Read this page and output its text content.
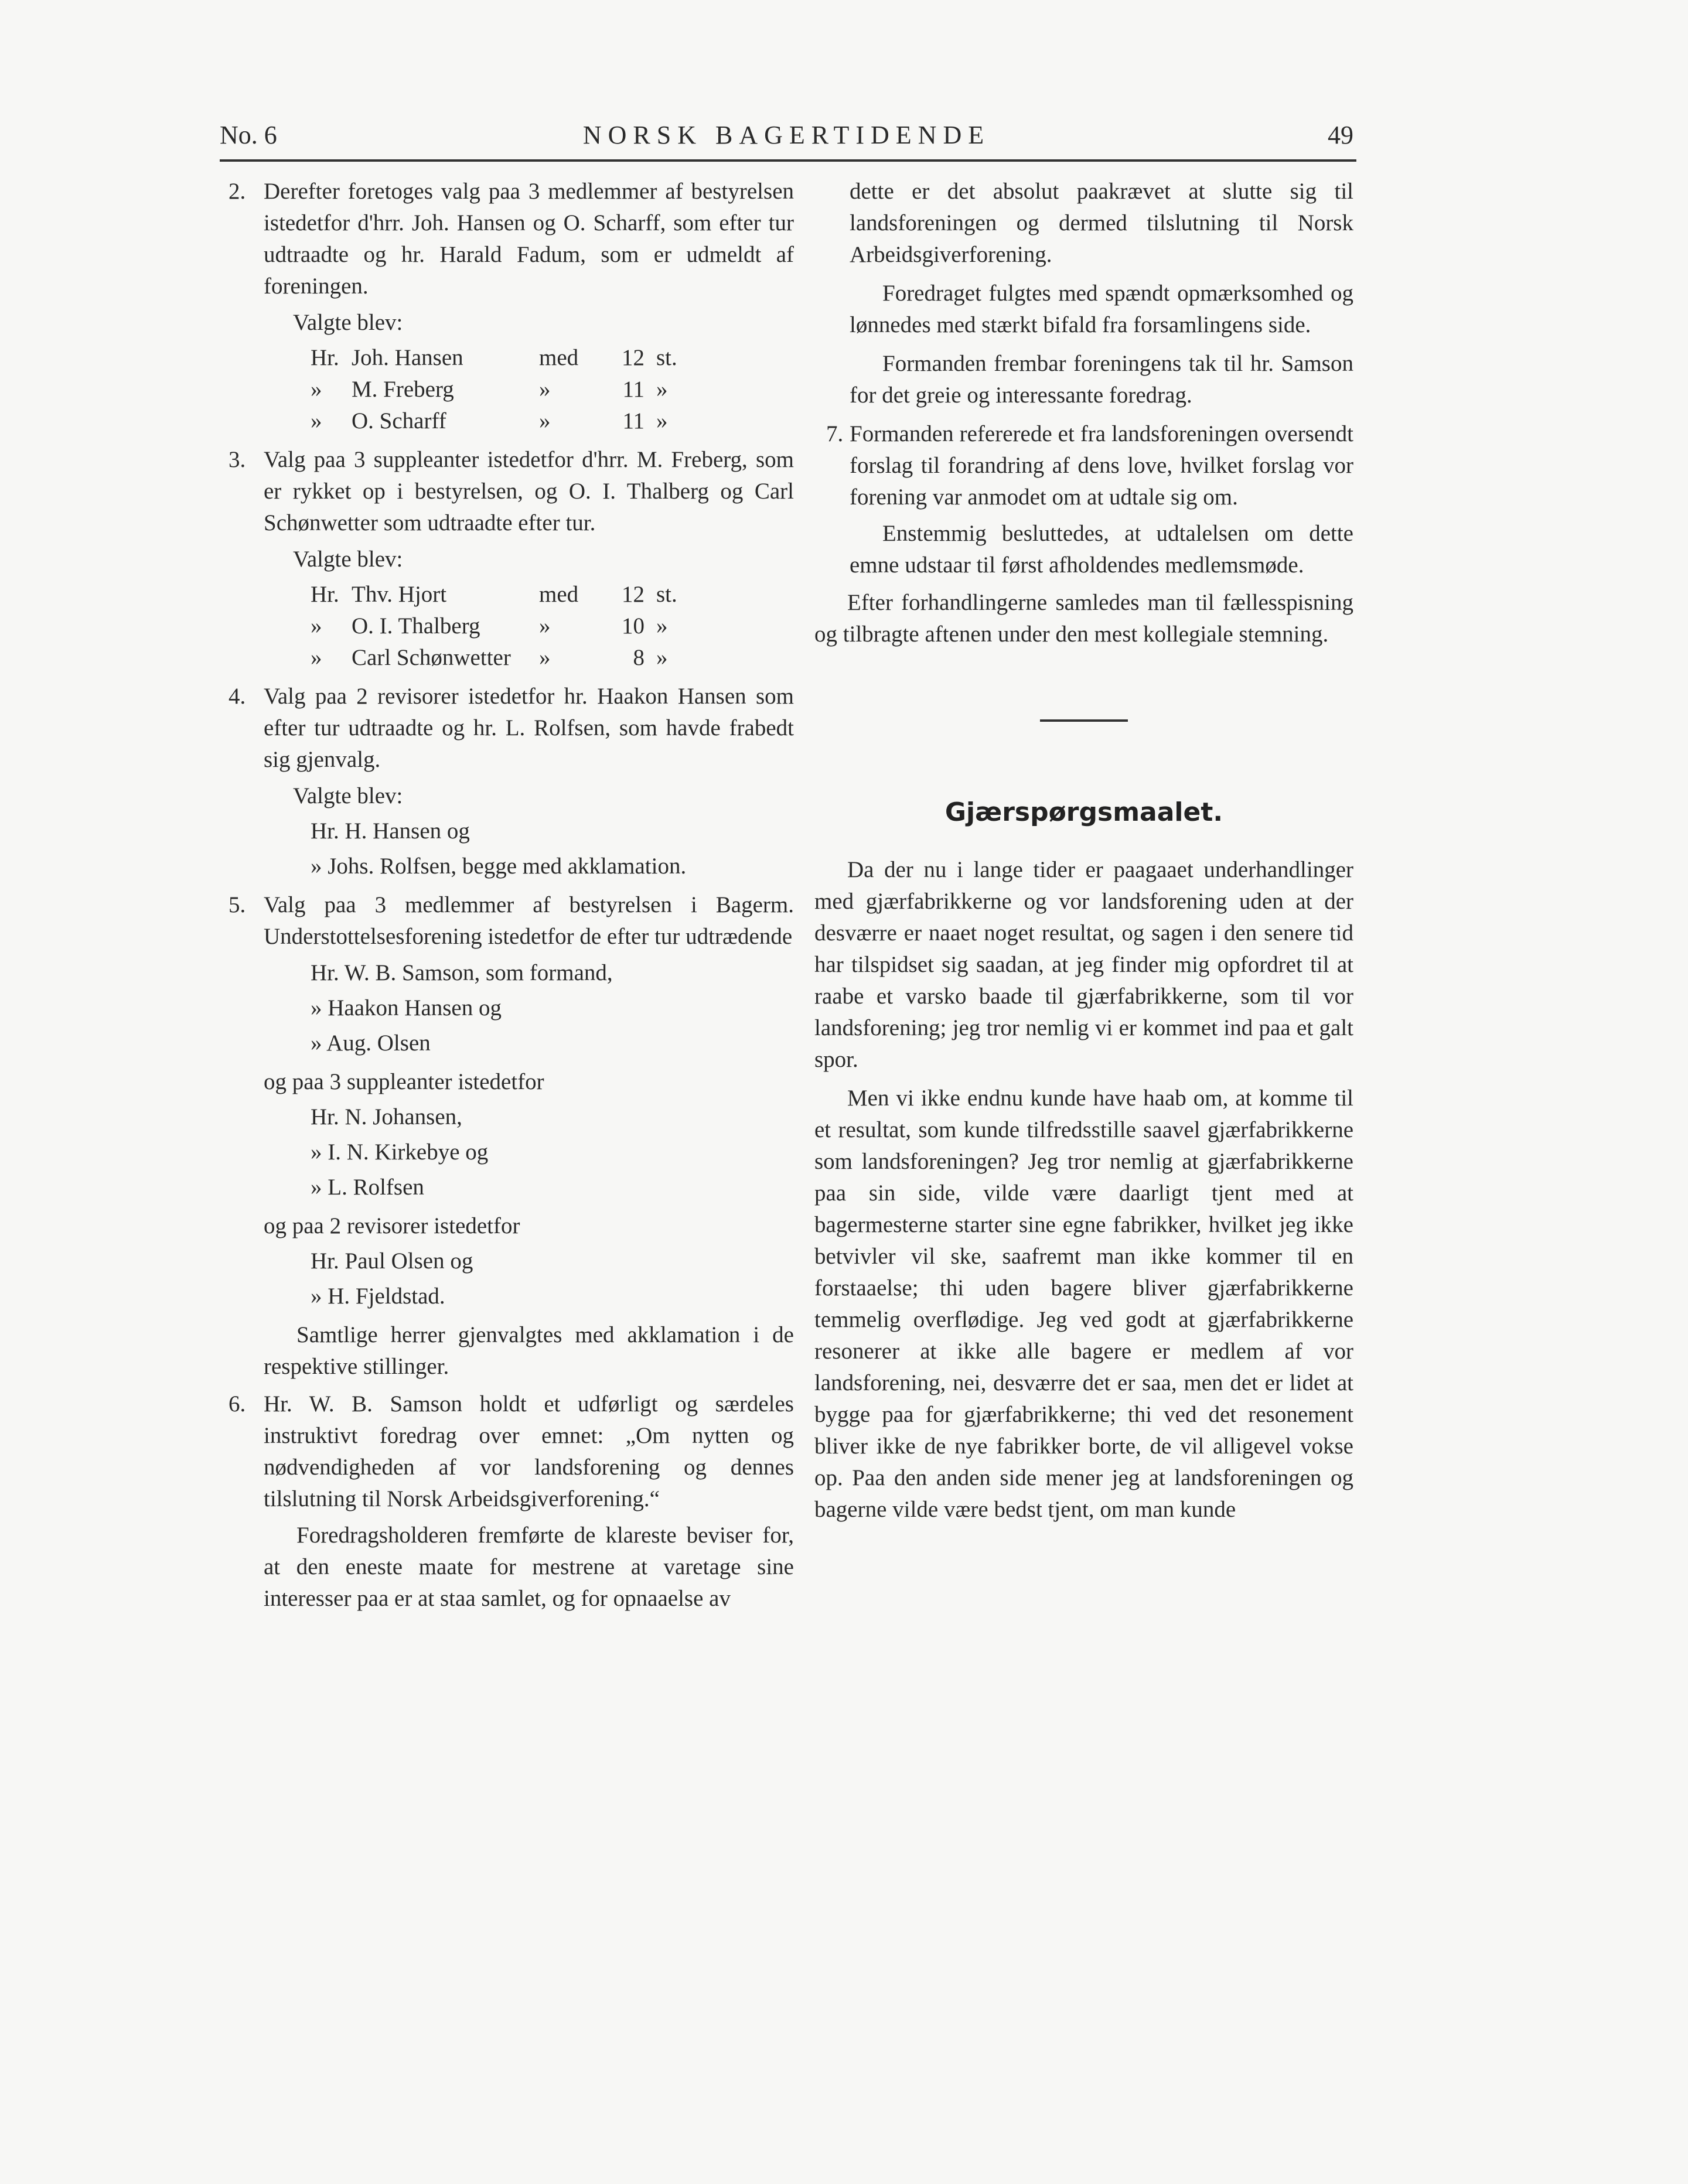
No. 6	NORSK BAGERTIDENDE	49
2. Derefter foretoges valg paa 3 medlemmer af bestyrelsen istedetfor d'hrr. Joh. Hansen og O. Scharff, som efter tur udtraadte og hr. Harald Fadum, som er udmeldt af foreningen.

Valgte blev:
Hr. Joh. Hansen	med	12 st.
»	M. Freberg	»	11 »
»	O. Scharff	»	11 »
3. Valg paa 3 suppleanter istedetfor d'hrr. M. Freberg, som er rykket op i bestyrelsen, og O. I. Thalberg og Carl Schønwetter som udtraadte efter tur.

Valgte blev:
Hr. Thv. Hjort	med	12 st.
»	O. I. Thalberg	»	10 »
»	Carl Schønwetter	»	8 »
4. Valg paa 2 revisorer istedetfor hr. Haakon Hansen som efter tur udtraadte og hr. L. Rolfsen, som havde frabedt sig gjenvalg.

Valgte blev:
Hr. H. Hansen og
» Johs. Rolfsen, begge med akklamation.
5. Valg paa 3 medlemmer af bestyrelsen i Bagerm. Understottelsesforening istedetfor de efter tur udtrædende

Hr. W. B. Samson, som formand,
» Haakon Hansen og
» Aug. Olsen
og paa 3 suppleanter istedetfor
Hr. N. Johansen,
» I. N. Kirkebye og
» L. Rolfsen
og paa 2 revisorer istedetfor
Hr. Paul Olsen og
» H. Fjeldstad.

Samtlige herrer gjenvalgtes med akklamation i de respektive stillinger.

6. Hr. W. B. Samson holdt et udførligt og særdeles instruktivt foredrag over emnet: „Om nytten og nødvendigheden af vor landsforening og dennes tilslutning til Norsk Arbeidsgiverforening.“

Foredragsholderen fremførte de klareste beviser for, at den eneste maate for mestrene at varetage sine interesser paa er at staa samlet, og for opnaaelse av

dette er det absolut paakrævet at slutte sig til landsforeningen og dermed tilslutning til Norsk Arbeidsgiverforening.

Foredraget fulgtes med spændt opmærksomhed og lønnedes med stærkt bifald fra forsamlingens side.

Formanden frembar foreningens tak til hr. Samson for det greie og interessante foredrag.

7. Formanden refererede et fra landsforeningen oversendt forslag til forandring af dens love, hvilket forslag vor forening var anmodet om at udtale sig om.

Enstemmig besluttedes, at udtalelsen om dette emne udstaar til først afholdendes medlemsmøde.

Efter forhandlingerne samledes man til fællesspisning og tilbragte aftenen under den mest kollegiale stemning.

Gjærspørgsmaalet.

Da der nu i lange tider er paagaaet underhandlinger med gjærfabrikkerne og vor landsforening uden at der desværre er naaet noget resultat, og sagen i den senere tid har tilspidset sig saadan, at jeg finder mig opfordret til at raabe et varsko baade til gjærfabrikkerne, som til vor landsforening; jeg tror nemlig vi er kommet ind paa et galt spor.

Men vi ikke endnu kunde have haab om, at komme til et resultat, som kunde tilfredsstille saavel gjærfabrikkerne som landsforeningen? Jeg tror nemlig at gjærfabrikkerne paa sin side, vilde være daarligt tjent med at bagermesterne starter sine egne fabrikker, hvilket jeg ikke betvivler vil ske, saafremt man ikke kommer til en forstaaelse; thi uden bagere bliver gjærfabrikkerne temmelig overflødige. Jeg ved godt at gjærfabrikkerne resonerer at ikke alle bagere er medlem af vor landsforening, nei, desværre det er saa, men det er lidet at bygge paa for gjærfabrikkerne; thi ved det resonement bliver ikke de nye fabrikker borte, de vil alligevel vokse op. Paa den anden side mener jeg at landsforeningen og bagerne vilde være bedst tjent, om man kunde
